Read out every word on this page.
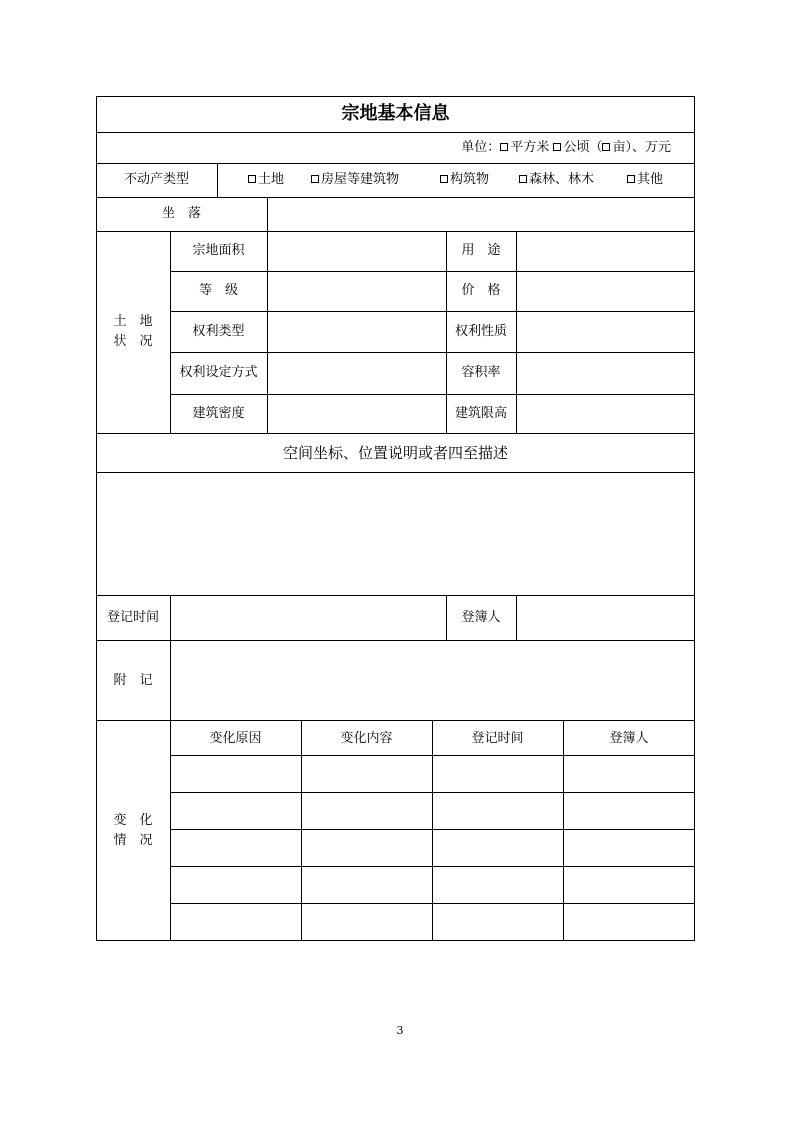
宗地基本信息
单位： 平方米 公顷（ 亩）、万元
不动产类型	土地	房屋等建筑物	构筑物	森林、林木	其他
坐　落
土　地
状　况
宗地面积	用　途
等　级	价　格
权利类型	权利性质
权利设定方式	容积率
建筑密度	建筑限高
空间坐标、位置说明或者四至描述
登记时间	登簿人
附　记
变　化
情　况
变化原因	变化内容	登记时间	登簿人
3
